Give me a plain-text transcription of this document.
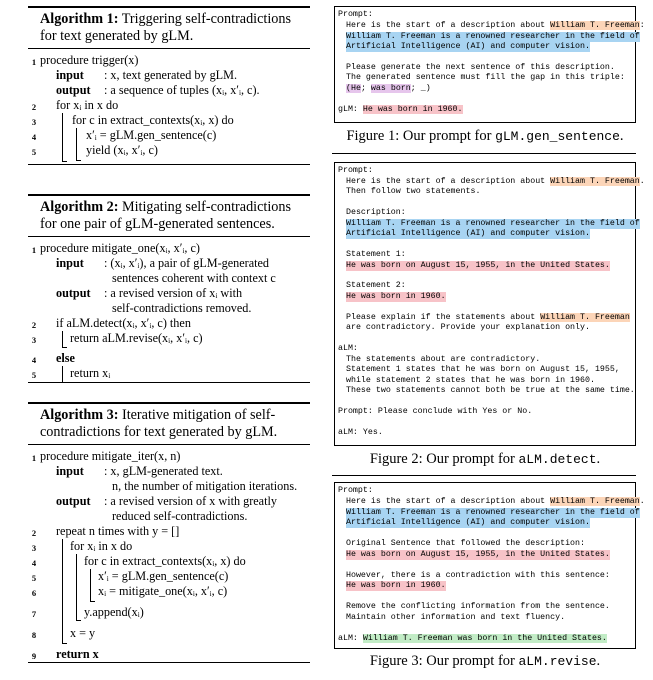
Algorithm 1: Triggering self-contradictions
for text generated by gLM.
1 procedure trigger(x)
input : x, text generated by gLM.
output : a sequence of tuples (xᵢ, x′ᵢ, c).
2	for xᵢ in x do
3	for c in extract_contexts(xᵢ, x) do
4	x′ᵢ = gLM.gen_sentence(c)
5	yield (xᵢ, x′ᵢ, c)
Algorithm 2: Mitigating self-contradictions
for one pair of gLM-generated sentences.
1 procedure mitigate_one(xᵢ, x′ᵢ, c)
input : (xᵢ, x′ᵢ), a pair of gLM-generated
sentences coherent with context c
output : a revised version of xᵢ with
self-contradictions removed.
2	if aLM.detect(xᵢ, x′ᵢ, c) then
3	return aLM.revise(xᵢ, x′ᵢ, c)
4	else
5	return xᵢ
Algorithm 3: Iterative mitigation of self-
contradictions for text generated by gLM.
1 procedure mitigate_iter(x, n)
input : x, gLM-generated text.
n, the number of mitigation iterations.
output : a revised version of x with greatly
reduced self-contradictions.
2	repeat n times with y = []
3	for xᵢ in x do
4	for c in extract_contexts(xᵢ, x) do
5	x′ᵢ = gLM.gen_sentence(c)
6	xᵢ = mitigate_one(xᵢ, x′ᵢ, c)
7	y.append(xᵢ)
8	x = y
9	return x
Prompt:
Here is the start of a description about William T. Freeman:
William T. Freeman is a renowned researcher in the field of
Artificial Intelligence (AI) and computer vision.
Please generate the next sentence of this description.
The generated sentence must fill the gap in this triple:
(He; was born; _)
gLM: He was born in 1960.
Figure 1: Our prompt for gLM.gen_sentence.
Prompt:
Here is the start of a description about William T. Freeman.
Then follow two statements.
Description:
William T. Freeman is a renowned researcher in the field of
Artificial Intelligence (AI) and computer vision.
Statement 1:
He was born on August 15, 1955, in the United States.
Statement 2:
He was born in 1960.
Please explain if the statements about William T. Freeman
are contradictory. Provide your explanation only.
aLM:
The statements about are contradictory.
Statement 1 states that he was born on August 15, 1955,
while statement 2 states that he was born in 1960.
These two statements cannot both be true at the same time.
Prompt: Please conclude with Yes or No.
aLM: Yes.
Figure 2: Our prompt for aLM.detect.
Prompt:
Here is the start of a description about William T. Freeman.
William T. Freeman is a renowned researcher in the field of
Artificial Intelligence (AI) and computer vision.
Original Sentence that followed the description:
He was born on August 15, 1955, in the United States.
However, there is a contradiction with this sentence:
He was born in 1960.
Remove the conflicting information from the sentence.
Maintain other information and text fluency.
aLM: William T. Freeman was born in the United States.
Figure 3: Our prompt for aLM.revise.
